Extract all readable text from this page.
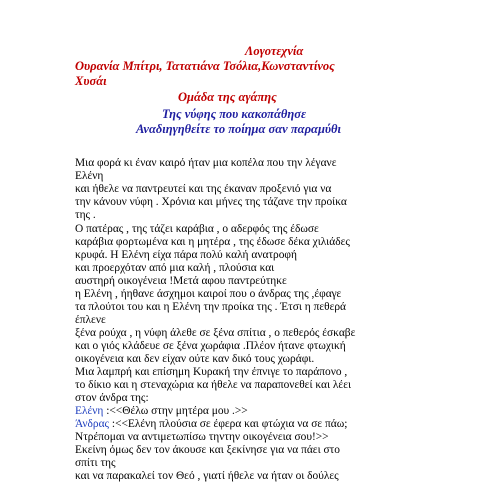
Λογοτεχνία
Ουρανία Μπίτρι, Τατατιάνα Τσόλια,Κωνσταντίνος
Χυσάι
Ομάδα της αγάπης
Της νύφης που κακοπάθησε
Αναδιηγηθείτε το ποίημα σαν παραμύθι
Μια φορά κι έναν καιρό ήταν μια κοπέλα που την λέγανε
Ελένη
και ήθελε να παντρευτεί και της έκαναν προξενιό για να
την κάνουν νύφη . Χρόνια και μήνες της τάζανε την προίκα
της .
Ο πατέρας , της τάζει καράβια , ο αδερφός της έδωσε
καράβια φορτωμένα και η μητέρα , της έδωσε δέκα χιλιάδες
κρυφά. Η Ελένη είχα πάρα πολύ καλή ανατροφή
και προερχόταν από μια καλή , πλούσια και
αυστηρή οικογένεια !Μετά αφου παντρεύτηκε
η Ελένη , ήηθανε άσχημοι καιροί που ο άνδρας της ,έφαγε
τα πλούτοι του και η Ελένη την προίκα της . Έτσι η πεθερά
έπλενε
ξένα ρούχα , η νύφη άλεθε σε ξένα σπίτια , ο πεθερός έσκαβε
και ο γιός κλάδευε σε ξένα χωράφια .Πλέον ήτανε φτωχική
οικογένεια και δεν είχαν ούτε καν δικό τους χωράφι.
Μια λαμπρή και επίσημη Κυρακή την έπνιγε το παράπονο ,
το δίκιο και η στεναχώρια κα ήθελε να παραπονεθεί και λέει
στον άνδρα της:
Ελένη :<<Θέλω στην μητέρα μου .>>
Άνδρας :<<Ελένη πλούσια σε έφερα και φτώχια να σε πάω;
Ντρέπομαι να αντιμετωπίσω τηντην οικογένεια σου!>>
Εκείνη όμως δεν τον άκουσε και ξεκίνησε για να πάει στο
σπίτι της
και να παρακαλεί τον Θεό , γιατί ήθελε να ήταν οι δούλες
